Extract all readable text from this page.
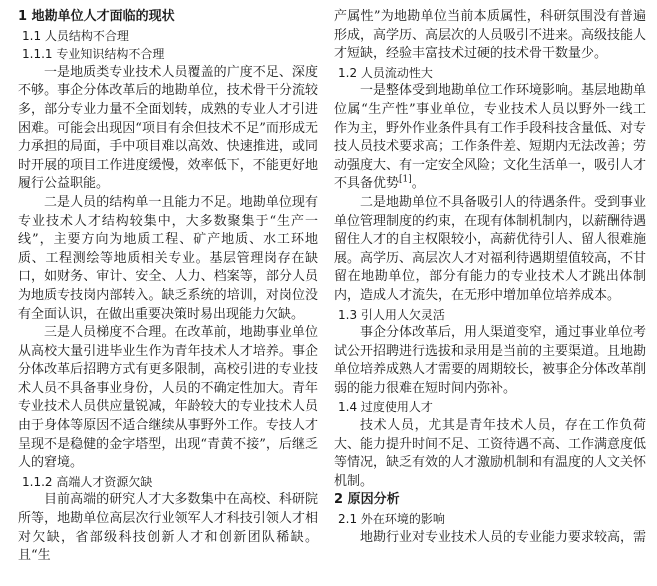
1 地勘单位人才面临的现状
1.1 人员结构不合理
1.1.1 专业知识结构不合理

一是地质类专业技术人员覆盖的广度不足、深度不够。事企分体改革后的地勘单位，技术骨干分流较多，部分专业力量不全面划转，成熟的专业人才引进困难。可能会出现因“项目有余但技术不足”而形成无力承担的局面，手中项目难以高效、快速推进，或同时开展的项目工作进度缓慢，效率低下，不能更好地履行公益职能。

二是人员的结构单一且能力不足。地勘单位现有专业技术人才结构较集中，大多数聚集于“生产一线”，主要方向为地质工程、矿产地质、水工环地质、工程测绘等地质相关专业。基层管理岗存在缺口，如财务、审计、安全、人力、档案等，部分人员为地质专技岗内部转入。缺乏系统的培训，对岗位没有全面认识，在做出重要决策时易出现能力欠缺。

三是人员梯度不合理。在改革前，地勘事业单位从高校大量引进毕业生作为青年技术人才培养。事企分体改革后招聘方式有更多限制，高校引进的专业技术人员不具备事业身份，人员的不确定性加大。青年专业技术人员供应量锐减，年龄较大的专业技术人员由于身体等原因不适合继续从事野外工作。专技人才呈现不是稳健的金字塔型，出现“青黄不接”，后继乏人的窘境。

1.1.2 高端人才资源欠缺

目前高端的研究人才大多数集中在高校、科研院所等，地勘单位高层次行业领军人才科技引领人才相对欠缺，省部级科技创新人才和创新团队稀缺。且“生

产属性”为地勘单位当前本质属性，科研氛围没有普遍形成，高学历、高层次的人员吸引不进来。高级技能人才短缺，经验丰富技术过硬的技术骨干数量少。

1.2 人员流动性大

一是整体受到地勘单位工作环境影响。基层地勘单位属“生产性”事业单位，专业技术人员以野外一线工作为主，野外作业条件具有工作手段科技含量低、对专技人员技术要求高；工作条件差、短期内无法改善；劳动强度大、有一定安全风险；文化生活单一，吸引人才不具备优势[1]。

二是地勘单位不具备吸引人的待遇条件。受到事业单位管理制度的约束，在现有体制机制内，以薪酬待遇留住人才的自主权限较小，高薪优待引人、留人很难施展。高学历、高层次人才对福利待遇期望值较高，不甘留在地勘单位，部分有能力的专业技术人才跳出体制内，造成人才流失，在无形中增加单位培养成本。

1.3 引人用人欠灵活

事企分体改革后，用人渠道变窄，通过事业单位考试公开招聘进行选拔和录用是当前的主要渠道。且地勘单位培养成熟人才需要的周期较长，被事企分体改革削弱的能力很难在短时间内弥补。

1.4 过度使用人才

技术人员，尤其是青年技术人员，存在工作负荷大、能力提升时间不足、工资待遇不高、工作满意度低等情况，缺乏有效的人才激励机制和有温度的人文关怀机制。

2 原因分析
2.1 外在环境的影响

地勘行业对专业技术人员的专业能力要求较高，需
